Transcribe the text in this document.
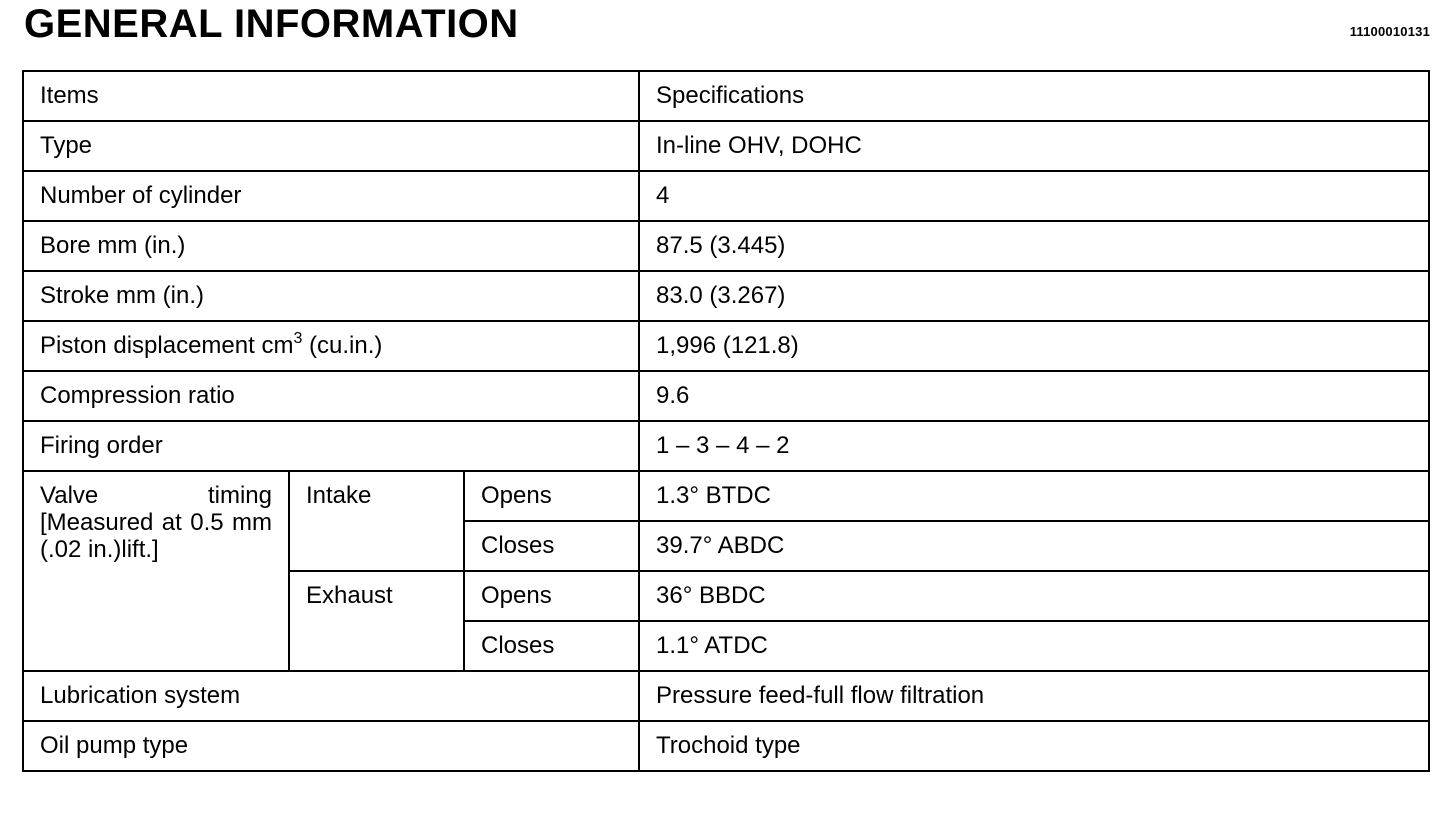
GENERAL INFORMATION	11100010131
Items			Specifications
Type			In-line OHV, DOHC
Number of cylinder			4
Bore mm (in.)			87.5 (3.445)
Stroke mm (in.)			83.0 (3.267)
Piston displacement $cm^3$ (cu.in.)			1,996 (121.8)
Compression ratio			9.6
Firing order			1 – 3 – 4 – 2
Valve timing [Measured at 0.5 mm (.02 in.)lift.]	Intake	Opens	1.3° BTDC
		Closes	39.7° ABDC
	Exhaust	Opens	36° BBDC
		Closes	1.1° ATDC
Lubrication system			Pressure feed-full flow filtration
Oil pump type			Trochoid type
